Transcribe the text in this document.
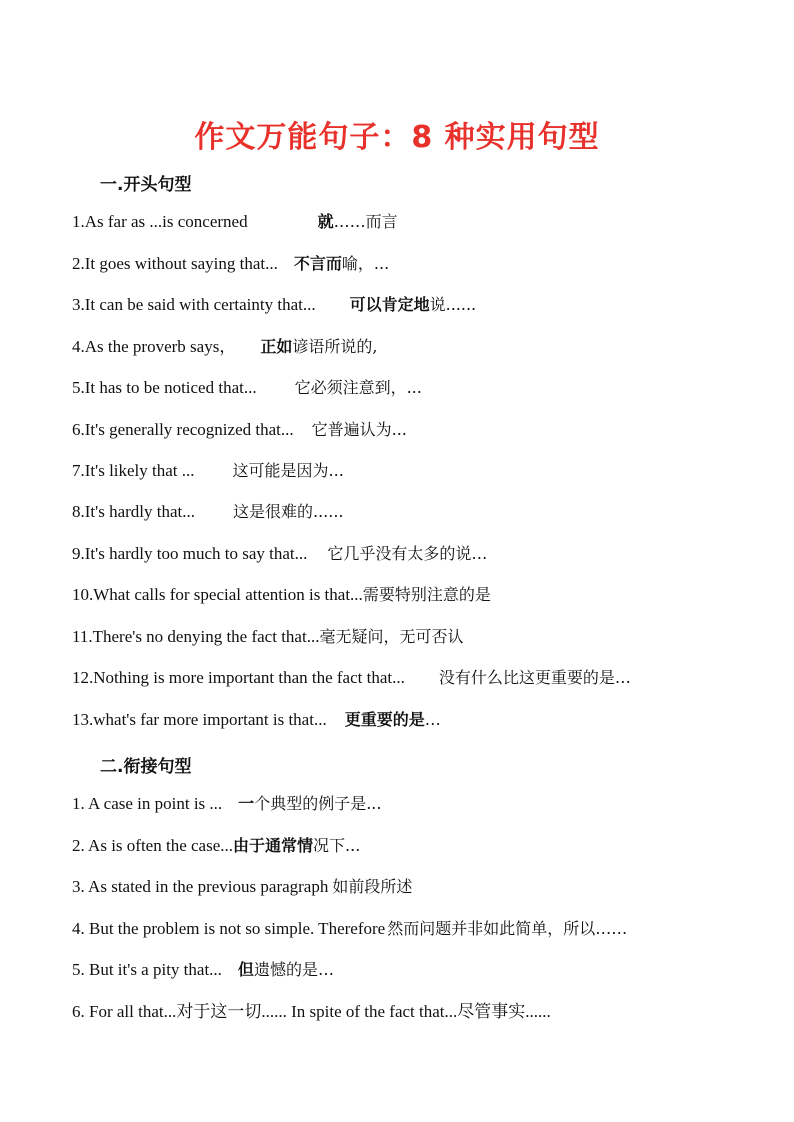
作文万能句子：8 种实用句型
一.开头句型
1.As far as ...is concerned	就……而言
2.It goes without saying that... 不言而喻，...
3.It can be said with certainty that... 可以肯定地说......
4.As the proverb says， 正如谚语所说的,
5.It has to be noticed that... 它必须注意到，...
6.It's generally recognized that... 它普遍认为...
7.It's likely that ... 这可能是因为...
8.It's hardly that... 这是很难的......
9.It's hardly too much to say that... 它几乎没有太多的说…
10.What calls for special attention is that...需要特别注意的是
11.There's no denying the fact that...毫无疑问，无可否认
12.Nothing is more important than the fact that... 没有什么比这更重要的是…
13.what's far more important is that... 更重要的是…
二.衔接句型
1. A case in point is ... 一个典型的例子是...
2. As is often the case...由于通常情况下...
3. As stated in the previous paragraph 如前段所述
4. But the problem is not so simple. Therefore 然而问题并非如此简单，所以……
5. But it's a pity that... 但遗憾的是…
6. For all that...对于这一切...... In spite of the fact that...尽管事实......
